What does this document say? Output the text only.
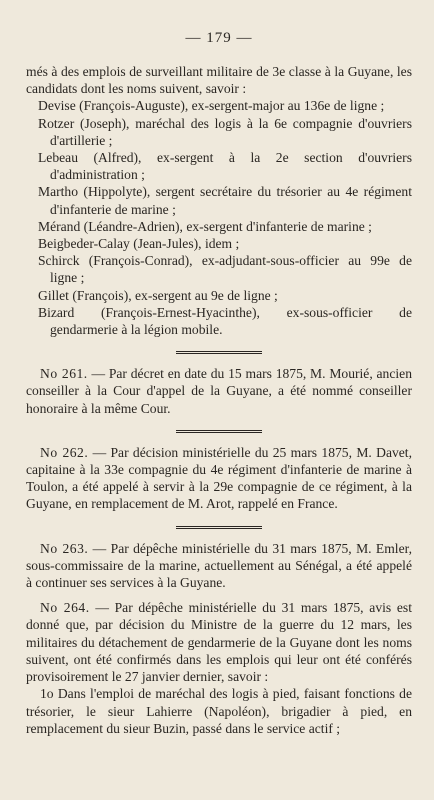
— 179 —

més à des emplois de surveillant militaire de 3e classe à la Guyane, les candidats dont les noms suivent, savoir :

Devise (François-Auguste), ex-sergent-major au 136e de ligne ;
Rotzer (Joseph), maréchal des logis à la 6e compagnie d'ouvriers d'artillerie ;
Lebeau (Alfred), ex-sergent à la 2e section d'ouvriers d'administration ;
Martho (Hippolyte), sergent secrétaire du trésorier au 4e régiment d'infanterie de marine ;
Mérand (Léandre-Adrien), ex-sergent d'infanterie de marine ;
Beigbeder-Calay (Jean-Jules), idem ;
Schirck (François-Conrad), ex-adjudant-sous-officier au 99e de ligne ;
Gillet (François), ex-sergent au 9e de ligne ;
Bizard (François-Ernest-Hyacinthe), ex-sous-officier de gendarmerie à la légion mobile.

No 261. — Par décret en date du 15 mars 1875, M. Mourié, ancien conseiller à la Cour d'appel de la Guyane, a été nommé conseiller honoraire à la même Cour.

No 262. — Par décision ministérielle du 25 mars 1875, M. Davet, capitaine à la 33e compagnie du 4e régiment d'infanterie de marine à Toulon, a été appelé à servir à la 29e compagnie de ce régiment, à la Guyane, en remplacement de M. Arot, rappelé en France.

No 263. — Par dépêche ministérielle du 31 mars 1875, M. Emler, sous-commissaire de la marine, actuellement au Sénégal, a été appelé à continuer ses services à la Guyane.

No 264. — Par dépêche ministérielle du 31 mars 1875, avis est donné que, par décision du Ministre de la guerre du 12 mars, les militaires du détachement de gendarmerie de la Guyane dont les noms suivent, ont été confirmés dans les emplois qui leur ont été conférés provisoirement le 27 janvier dernier, savoir :

1o Dans l'emploi de maréchal des logis à pied, faisant fonctions de trésorier, le sieur Lahierre (Napoléon), brigadier à pied, en remplacement du sieur Buzin, passé dans le service actif ;
